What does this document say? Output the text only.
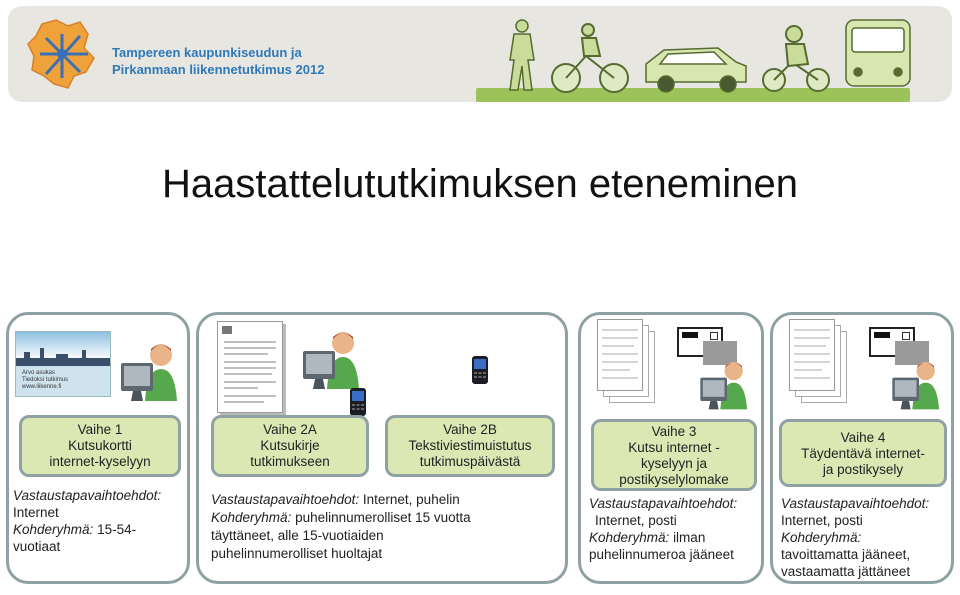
Tampereen kaupunkiseudun ja
Pirkanmaan liikennetutkimus 2012
Haastattelututkimuksen eteneminen
Arvo asukas
Tiedoksi tutkimus
www.liikenne.fi
Vaihe 1
Kutsukortti
internet-kyselyyn
Vastaustapavaihtoehdot:
Internet
Kohderyhmä: 15-54-
vuotiaat
Vaihe 2A
Kutsukirje
tutkimukseen
Vaihe 2B
Tekstiviestimuistutus
tutkimuspäivästä
Vastaustapavaihtoehdot: Internet, puhelin
Kohderyhmä: puhelinnumerolliset 15 vuotta
täyttäneet, alle 15-vuotiaiden
puhelinnumerolliset huoltajat
Vaihe 3
Kutsu internet -
kyselyyn ja
postikyselylomake
Vastaustapavaihtoehdot:
Internet, posti
Kohderyhmä: ilman
puhelinnumeroa jääneet
Vaihe 4
Täydentävä internet-
ja postikysely
Vastaustapavaihtoehdot:
Internet, posti
Kohderyhmä:
tavoittamatta jääneet,
vastaamatta jättäneet
